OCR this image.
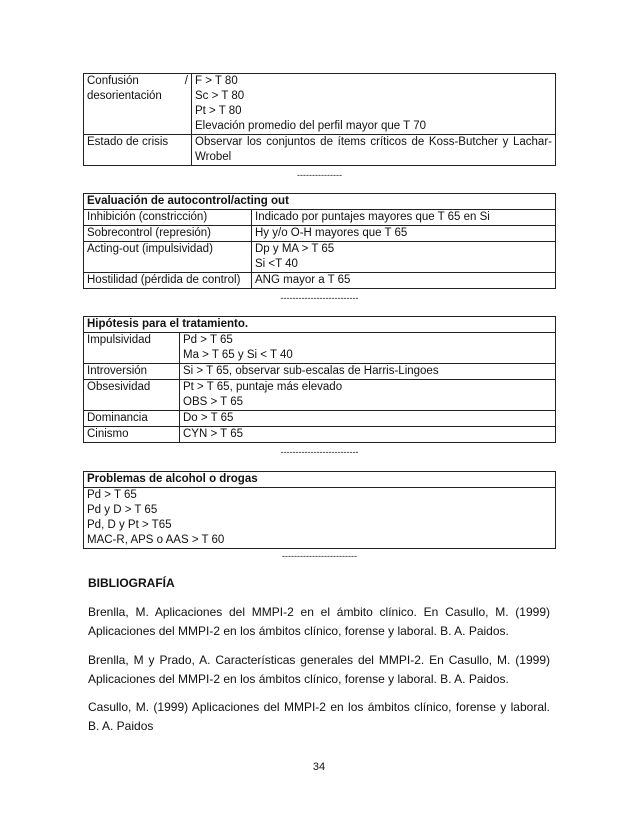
Confusión / desorientación	F > T 80
Sc > T 80
Pt > T 80
Elevación promedio del perfil mayor que T 70

Estado de crisis	Observar los conjuntos de ítems críticos de Koss-Butcher y Lachar-Wrobel
---------------
Evaluación de autocontrol/acting out	
Inhibición (constricción)	Indicado por puntajes mayores que T 65 en Si

Sobrecontrol (represión)	Hy y/o O-H mayores que T 65

Acting-out (impulsividad)	Dp y MA > T 65
Si <T 40

Hostilidad (pérdida de control)	ANG mayor a T 65
--------------------------
Hipótesis para el tratamiento.	
Impulsividad	Pd > T 65
Ma > T 65 y Si < T 40

Introversión	Si > T 65, observar sub-escalas de Harris-Lingoes

Obsesividad	Pt > T 65, puntaje más elevado
OBS > T 65

Dominancia	Do > T 65

Cinismo	CYN > T 65
--------------------------
Problemas de alcohol o drogas

Pd > T 65
Pd y D > T 65
Pd, D y Pt > T65
MAC-R, APS o AAS > T 60
-------------------------
BIBLIOGRAFÍA
Brenlla, M. Aplicaciones del MMPI-2 en el ámbito clínico. En Casullo, M. (1999) Aplicaciones del MMPI-2 en los ámbitos clínico, forense y laboral. B. A. Paidos.
Brenlla, M y Prado, A. Características generales del MMPI-2. En Casullo, M. (1999) Aplicaciones del MMPI-2 en los ámbitos clínico, forense y laboral. B. A. Paidos.
Casullo, M. (1999) Aplicaciones del MMPI-2 en los ámbitos clínico, forense y laboral. B. A. Paidos
34
